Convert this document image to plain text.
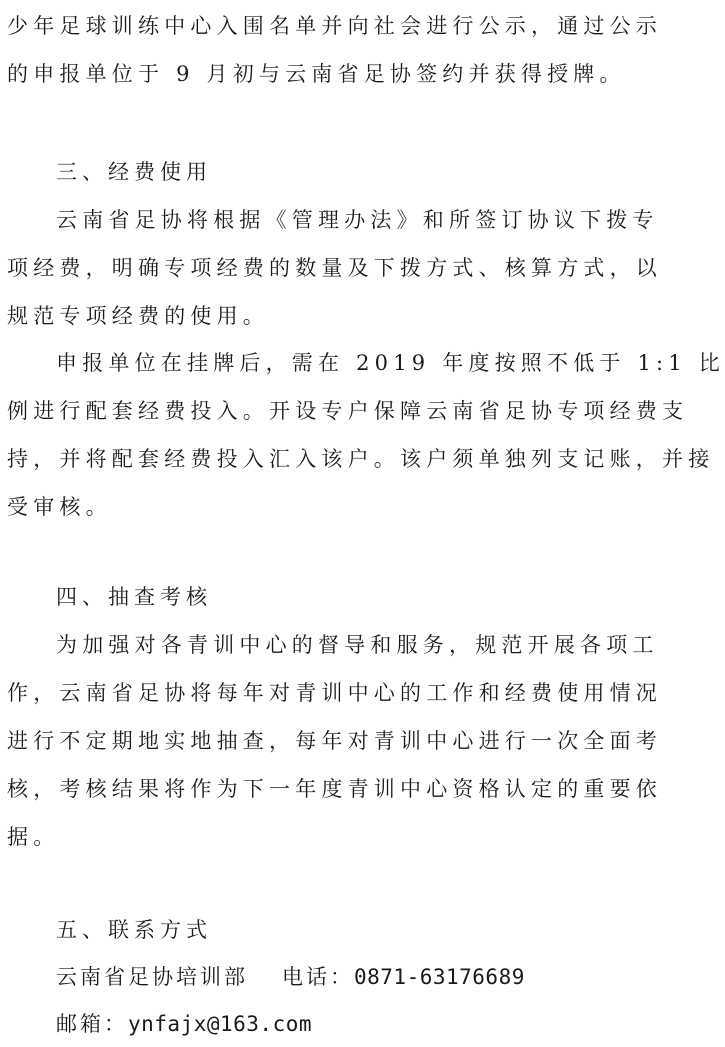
少年足球训练中心入围名单并向社会进行公示，通过公示
的申报单位于 9 月初与云南省足协签约并获得授牌。
三、经费使用
云南省足协将根据《管理办法》和所签订协议下拨专
项经费，明确专项经费的数量及下拨方式、核算方式，以
规范专项经费的使用。
申报单位在挂牌后，需在 2019 年度按照不低于 1:1 比
例进行配套经费投入。开设专户保障云南省足协专项经费支
持，并将配套经费投入汇入该户。该户须单独列支记账，并接
受审核。
四、抽查考核
为加强对各青训中心的督导和服务，规范开展各项工
作，云南省足协将每年对青训中心的工作和经费使用情况
进行不定期地实地抽查，每年对青训中心进行一次全面考
核，考核结果将作为下一年度青训中心资格认定的重要依
据。
五、联系方式
云南省足协培训部 电话：0871-63176689
邮箱：ynfajx@163.com
